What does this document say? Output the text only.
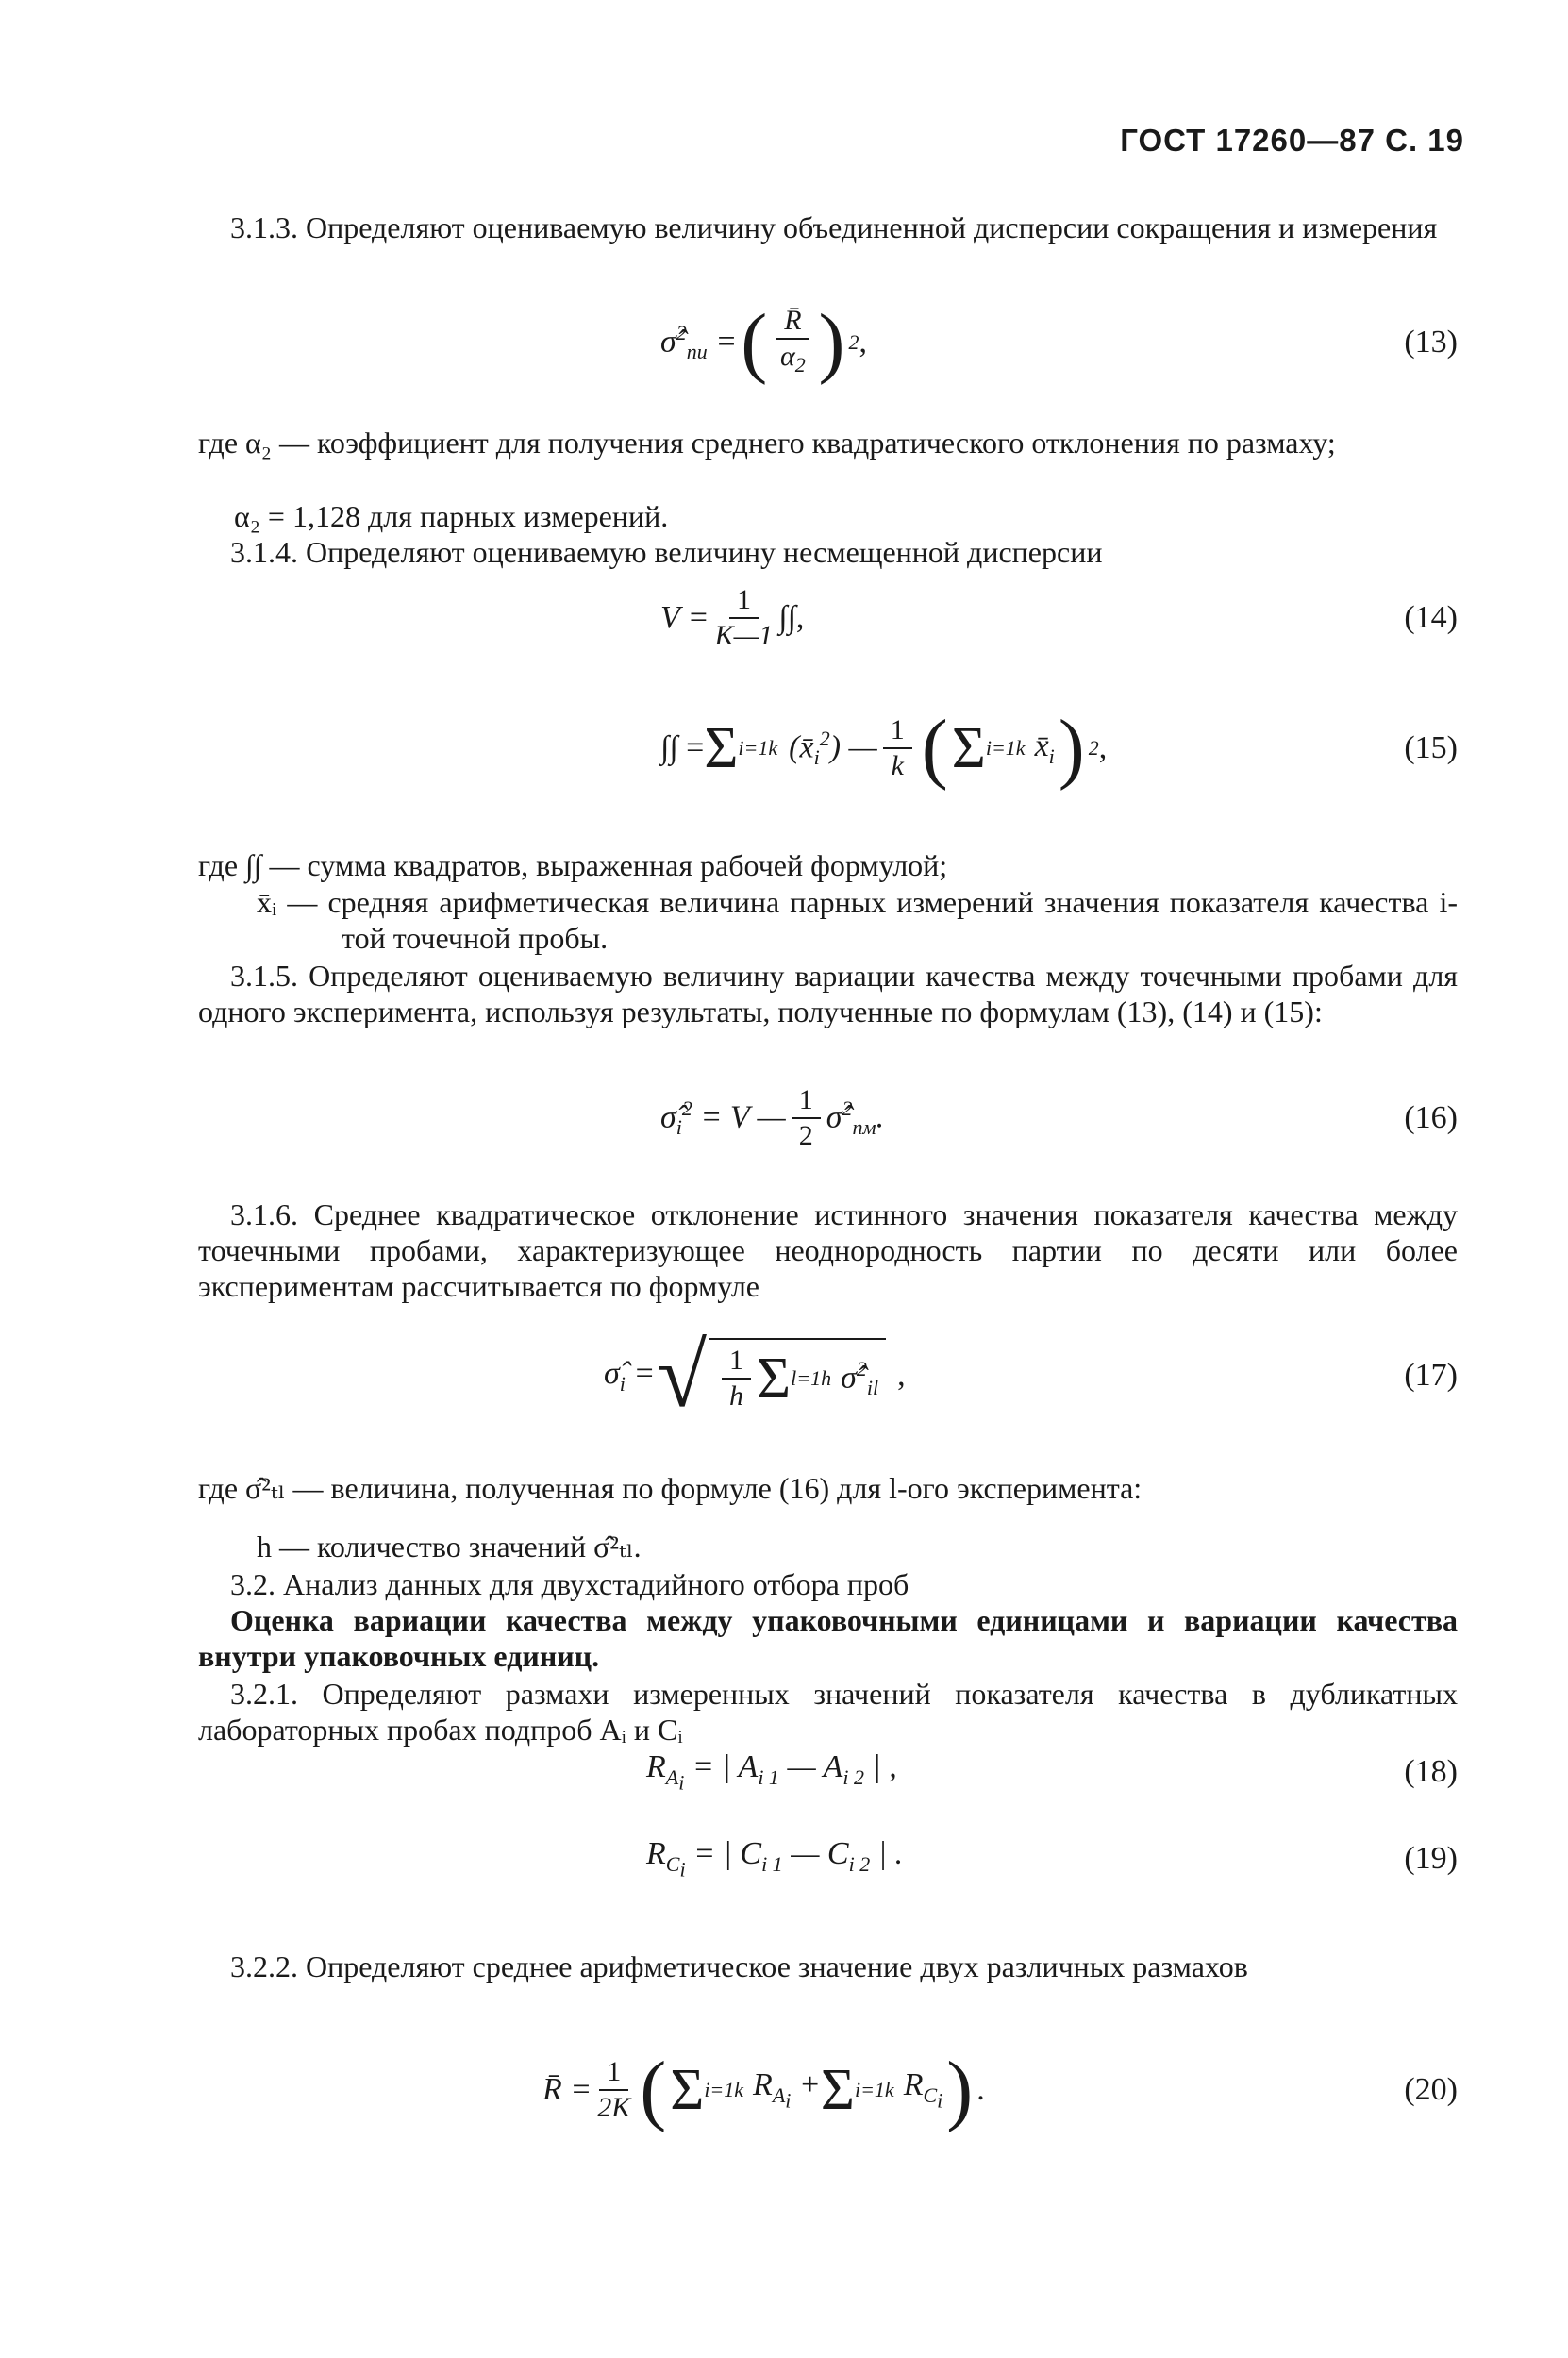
ГОСТ 17260—87 С. 19
3.1.3. Определяют оцениваемую величину объединенной дисперсии сокращения и измерения
σ̂$^2_{пи}$ = ( $\frac{R̄}{\alpha_2}$ ) 2 ,	(13)
где α₂ — коэффициент для получения среднего квадратического отклонения по размаху;
α₂ = 1,128 для парных измерений.
3.1.4. Определяют оцениваемую величину несмещенной дисперсии
$V = \frac{1}{K—1}$ ∫∫,	(14)
∫∫ = Σ i=1 k $(x̄_i^2)$ — $\frac{1}{k}$ ( Σ i=1 k $x̄_i$ ) 2 ,	(15)
где ∫∫ — сумма квадратов, выраженная рабочей формулой;
x̄ᵢ — средняя арифметическая величина парных измерений значения показателя качества i-той точечной пробы.
3.1.5. Определяют оцениваемую величину вариации качества между точечными пробами для одного эксперимента, используя результаты, полученные по формулам (13), (14) и (15):
$\sigmâ_i^2 = V$ — $\frac{1}{2}$ σ̂$^2_{пм}$.	(16)
3.1.6. Среднее квадратическое отклонение истинного значения показателя качества между точечными пробами, характеризующее неоднородность партии по десяти или более экспериментам рассчитывается по формуле
$\sigmâ_i$ = √ $\frac{1}{h}$ Σ l=1 h σ̂$^2_{il}$ ,	(17)
где σ̂²ₜₗ — величина, полученная по формуле (16) для l-ого эксперимента:
h — количество значений σ̂²ₜₗ.
3.2. Анализ данных для двухстадийного отбора проб
Оценка вариации качества между упаковочными единицами и вариации качества внутри упаковочных единиц.
3.2.1. Определяют размахи измеренных значений показателя качества в дубликатных лабораторных пробах подпроб Aᵢ и Cᵢ
$R_{A_i}$ = | $A_{i 1}$ — $A_{i 2}$ | ,	(18)
$R_{C_i}$ = | $C_{i 1}$ — $C_{i 2}$ | .	(19)
3.2.2. Определяют среднее арифметическое значение двух различных размахов
R̄ = $\frac{1}{2K}$ ( Σ i=1 k $R_{A_i} + \Sigma$ i=1 k $R_{C_i}$ ) .	(20)
